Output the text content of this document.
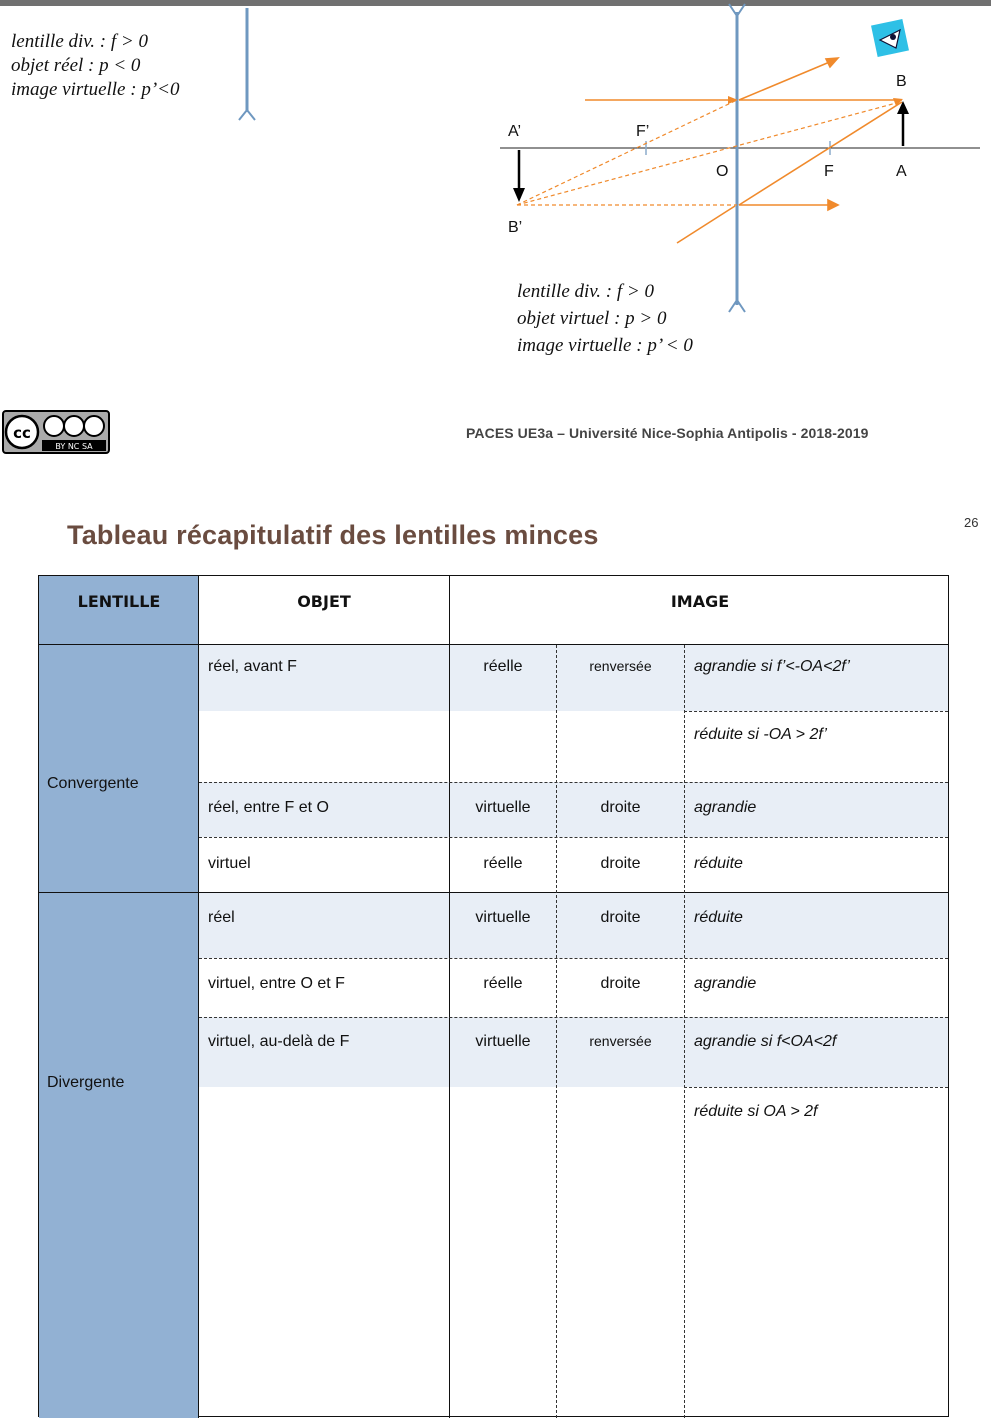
lentille div. : f > 0
objet réel : p < 0
image virtuelle : p’<0
A’	F’
O	F	A
B
B’
lentille div. : f > 0
objet virtuel : p > 0
image virtuelle : p’ < 0
cc
BY NC SA
PACES UE3a – Université Nice-Sophia Antipolis - 2018-2019
26
Tableau récapitulatif des lentilles minces
LENTILLE	OBJET	IMAGE
Convergente
Divergente
réel, avant F	réelle	renversée	agrandie si f’<-OA<2f’
réduite si -OA > 2f’
réel, entre F et O	virtuelle	droite	agrandie
virtuel	réelle	droite	réduite
réel	virtuelle	droite	réduite
virtuel, entre O et F	réelle	droite	agrandie
virtuel, au-delà de F	virtuelle	renversée	agrandie si f<OA<2f
réduite si OA > 2f
